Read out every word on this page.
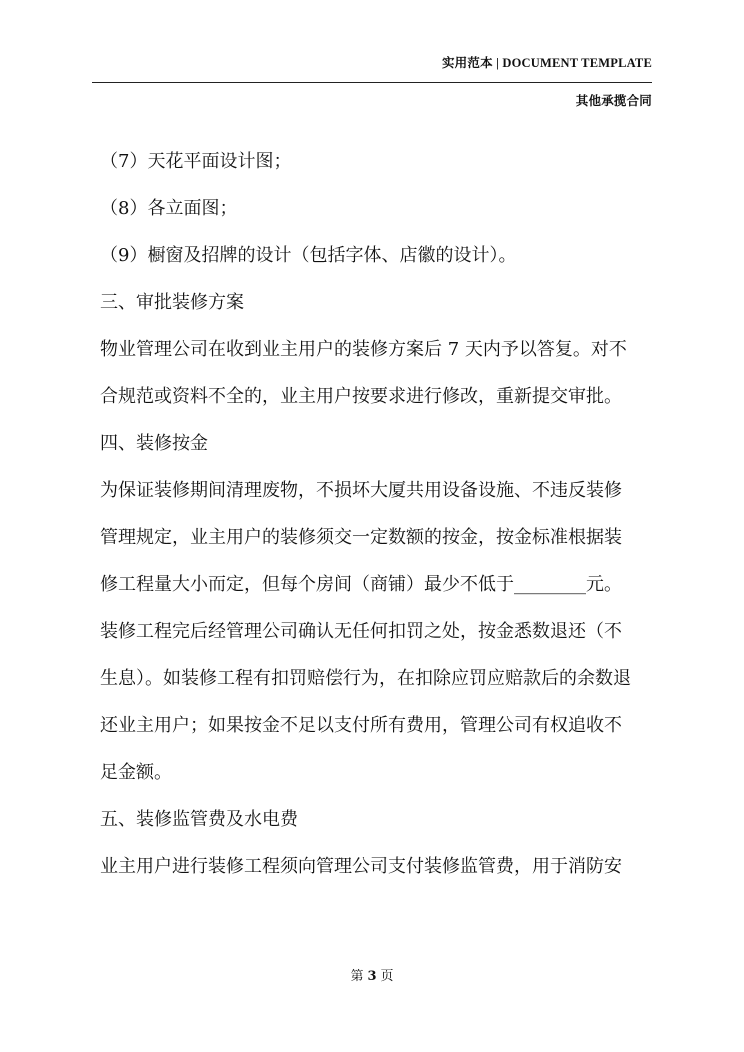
实用范本 | DOCUMENT TEMPLATE
其他承揽合同
（7）天花平面设计图；
（8）各立面图；
（9）橱窗及招牌的设计（包括字体、店徽的设计）。
三、审批装修方案
物业管理公司在收到业主用户的装修方案后 7 天内予以答复。对不
合规范或资料不全的，业主用户按要求进行修改，重新提交审批。
四、装修按金
为保证装修期间清理废物，不损坏大厦共用设备设施、不违反装修
管理规定，业主用户的装修须交一定数额的按金，按金标准根据装
修工程量大小而定，但每个房间（商铺）最少不低于________元。
装修工程完后经管理公司确认无任何扣罚之处，按金悉数退还（不
生息）。如装修工程有扣罚赔偿行为，在扣除应罚应赔款后的余数退
还业主用户；如果按金不足以支付所有费用，管理公司有权追收不
足金额。
五、装修监管费及水电费
业主用户进行装修工程须向管理公司支付装修监管费，用于消防安
第 3 页
